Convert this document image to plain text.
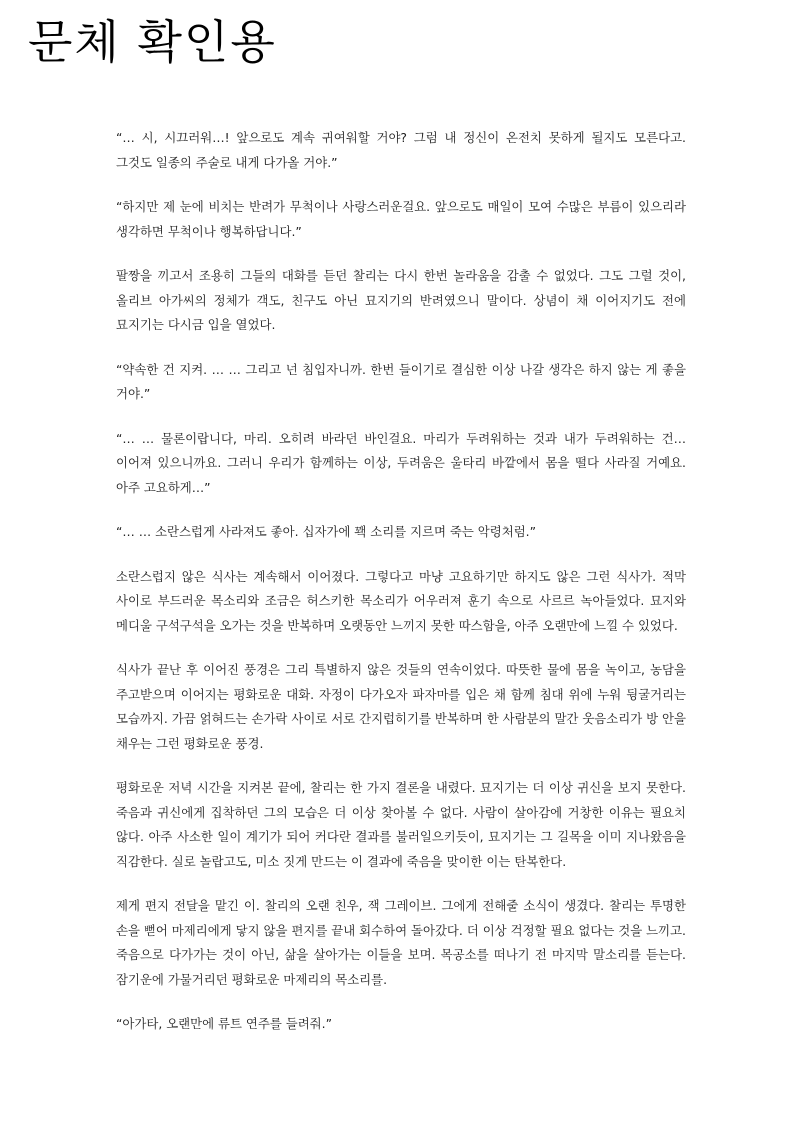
문체 확인용

“… 시, 시끄러워…! 앞으로도 계속 귀여워할 거야? 그럼 내 정신이 온전치 못하게 될지도 모른다고. 그것도 일종의 주술로 내게 다가올 거야.”

“하지만 제 눈에 비치는 반려가 무척이나 사랑스러운걸요. 앞으로도 매일이 모여 수많은 부름이 있으리라 생각하면 무척이나 행복하답니다.”

팔짱을 끼고서 조용히 그들의 대화를 듣던 찰리는 다시 한번 놀라움을 감출 수 없었다. 그도 그럴 것이, 올리브 아가씨의 정체가 객도, 친구도 아닌 묘지기의 반려였으니 말이다. 상념이 채 이어지기도 전에 묘지기는 다시금 입을 열었다.

“약속한 건 지켜. … … 그리고 넌 침입자니까. 한번 들이기로 결심한 이상 나갈 생각은 하지 않는 게 좋을 거야.”

“… … 물론이랍니다, 마리. 오히려 바라던 바인걸요. 마리가 두려워하는 것과 내가 두려워하는 건… 이어져 있으니까요. 그러니 우리가 함께하는 이상, 두려움은 울타리 바깥에서 몸을 떨다 사라질 거예요. 아주 고요하게…”

“… … 소란스럽게 사라져도 좋아. 십자가에 꽥 소리를 지르며 죽는 악령처럼.”

소란스럽지 않은 식사는 계속해서 이어졌다. 그렇다고 마냥 고요하기만 하지도 않은 그런 식사가. 적막 사이로 부드러운 목소리와 조금은 허스키한 목소리가 어우러져 훈기 속으로 사르르 녹아들었다. 묘지와 메디울 구석구석을 오가는 것을 반복하며 오랫동안 느끼지 못한 따스함을, 아주 오랜만에 느낄 수 있었다.

식사가 끝난 후 이어진 풍경은 그리 특별하지 않은 것들의 연속이었다. 따뜻한 물에 몸을 녹이고, 농담을 주고받으며 이어지는 평화로운 대화. 자정이 다가오자 파자마를 입은 채 함께 침대 위에 누워 뒹굴거리는 모습까지. 가끔 얽혀드는 손가락 사이로 서로 간지럽히기를 반복하며 한 사람분의 말간 웃음소리가 방 안을 채우는 그런 평화로운 풍경.

평화로운 저녁 시간을 지켜본 끝에, 찰리는 한 가지 결론을 내렸다. 묘지기는 더 이상 귀신을 보지 못한다. 죽음과 귀신에게 집착하던 그의 모습은 더 이상 찾아볼 수 없다. 사람이 살아감에 거창한 이유는 필요치 않다. 아주 사소한 일이 계기가 되어 커다란 결과를 불러일으키듯이, 묘지기는 그 길목을 이미 지나왔음을 직감한다. 실로 놀랍고도, 미소 짓게 만드는 이 결과에 죽음을 맞이한 이는 탄복한다.

제게 편지 전달을 맡긴 이. 찰리의 오랜 친우, 잭 그레이브. 그에게 전해줄 소식이 생겼다. 찰리는 투명한 손을 뻗어 마제리에게 닿지 않을 편지를 끝내 회수하여 돌아갔다. 더 이상 걱정할 필요 없다는 것을 느끼고. 죽음으로 다가가는 것이 아닌, 삶을 살아가는 이들을 보며. 목공소를 떠나기 전 마지막 말소리를 듣는다. 잠기운에 가물거리던 평화로운 마제리의 목소리를.

“아가타, 오랜만에 류트 연주를 들려줘.”
